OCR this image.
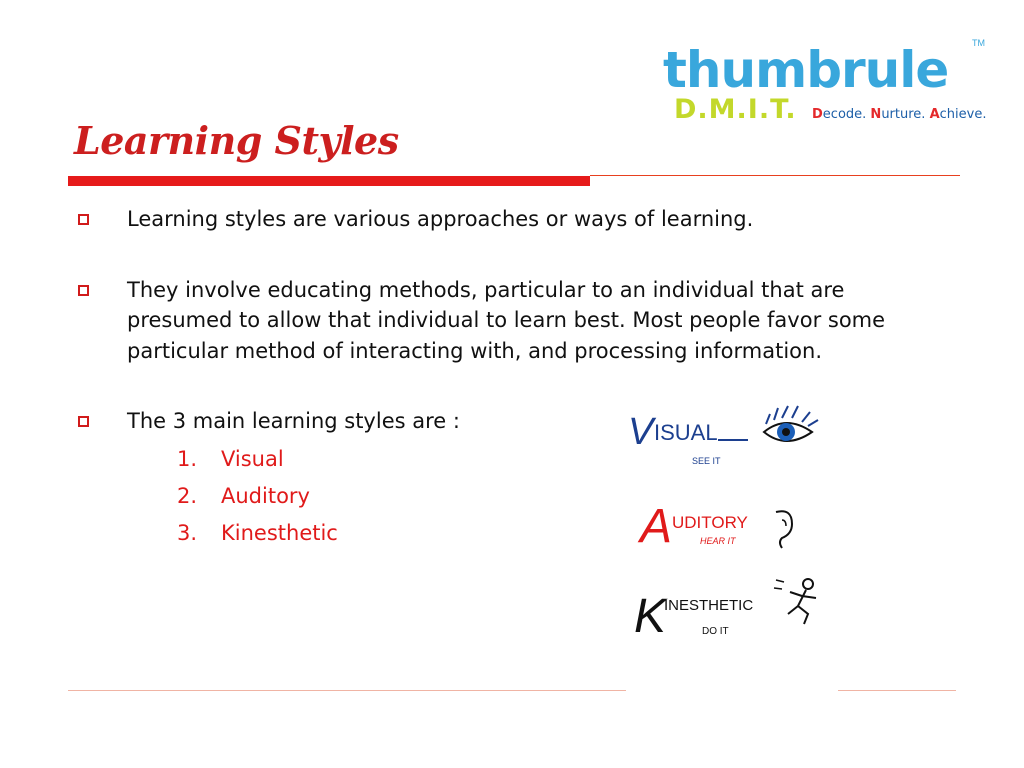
thumbrule	TM
D.M.I.T. Decode. Nurture. Achieve.
Learning Styles
Learning styles are various approaches or ways of learning.
They involve educating methods, particular to an individual that are presumed to allow that individual to learn best. Most people favor some particular method of interacting with, and processing information.
The 3 main learning styles are :
1. Visual
2. Auditory
3. Kinesthetic
V ISUAL
SEE IT
A UDITORY
HEAR IT
K
INESTHETIC
DO IT
